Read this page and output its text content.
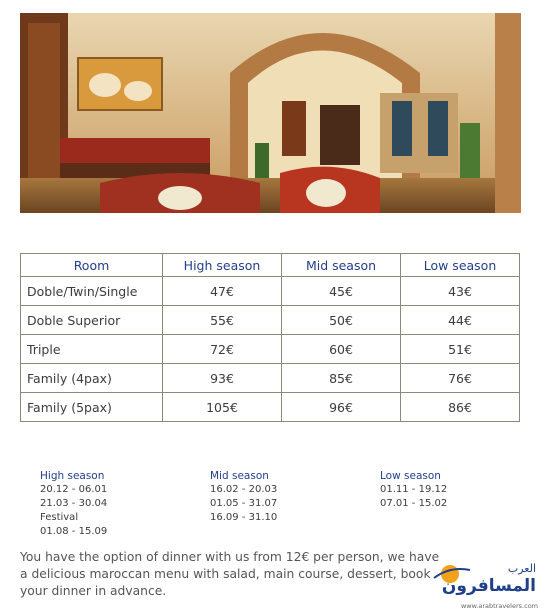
Room	High season	Mid season	Low season
Doble/Twin/Single	47€	45€	43€
Doble Superior	55€	50€	44€
Triple	72€	60€	51€
Family (4pax)	93€	85€	76€
Family (5pax)	105€	96€	86€
High season
20.12 - 06.01
21.03 - 30.04
Festival
01.08 - 15.09
Mid season
16.02 - 20.03
01.05 - 31.07
16.09 - 31.10
Low season
01.11 - 19.12
07.01 - 15.02

You have the option of dinner with us from 12€ per person, we have a delicious maroccan menu with salad, main course, dessert, book your dinner in advance.

العرب
المسافرون
www.arabtravelers.com
